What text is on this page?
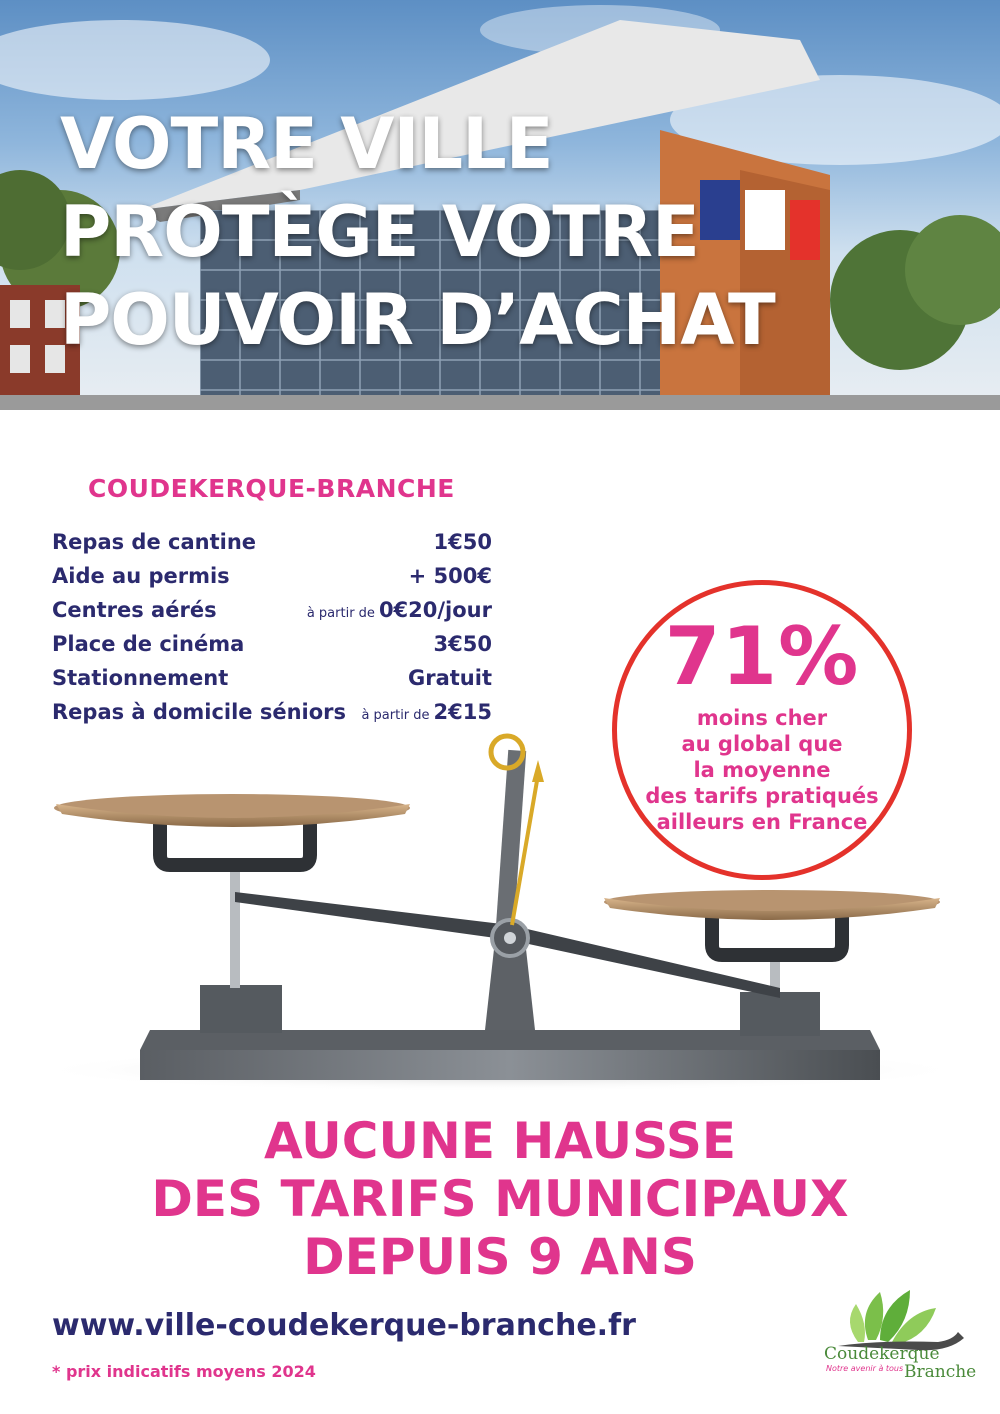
VOTRE VILLE
PROTÈGE VOTRE
POUVOIR D’ACHAT
COUDEKERQUE-BRANCHE
Repas de cantine	1€50
Aide au permis	+ 500€
Centres aérés	à partir de 0€20/jour
Place de cinéma	3€50
Stationnement	Gratuit
Repas à domicile séniors à partir de 2€15
71%
moins cher
au global que
la moyenne
des tarifs pratiqués
ailleurs en France
AUCUNE HAUSSE
DES TARIFS MUNICIPAUX
DEPUIS 9 ANS

www.ville-coudekerque-branche.fr

* prix indicatifs moyens 2024

Coudekerque

Notre avenir à tous Branche
